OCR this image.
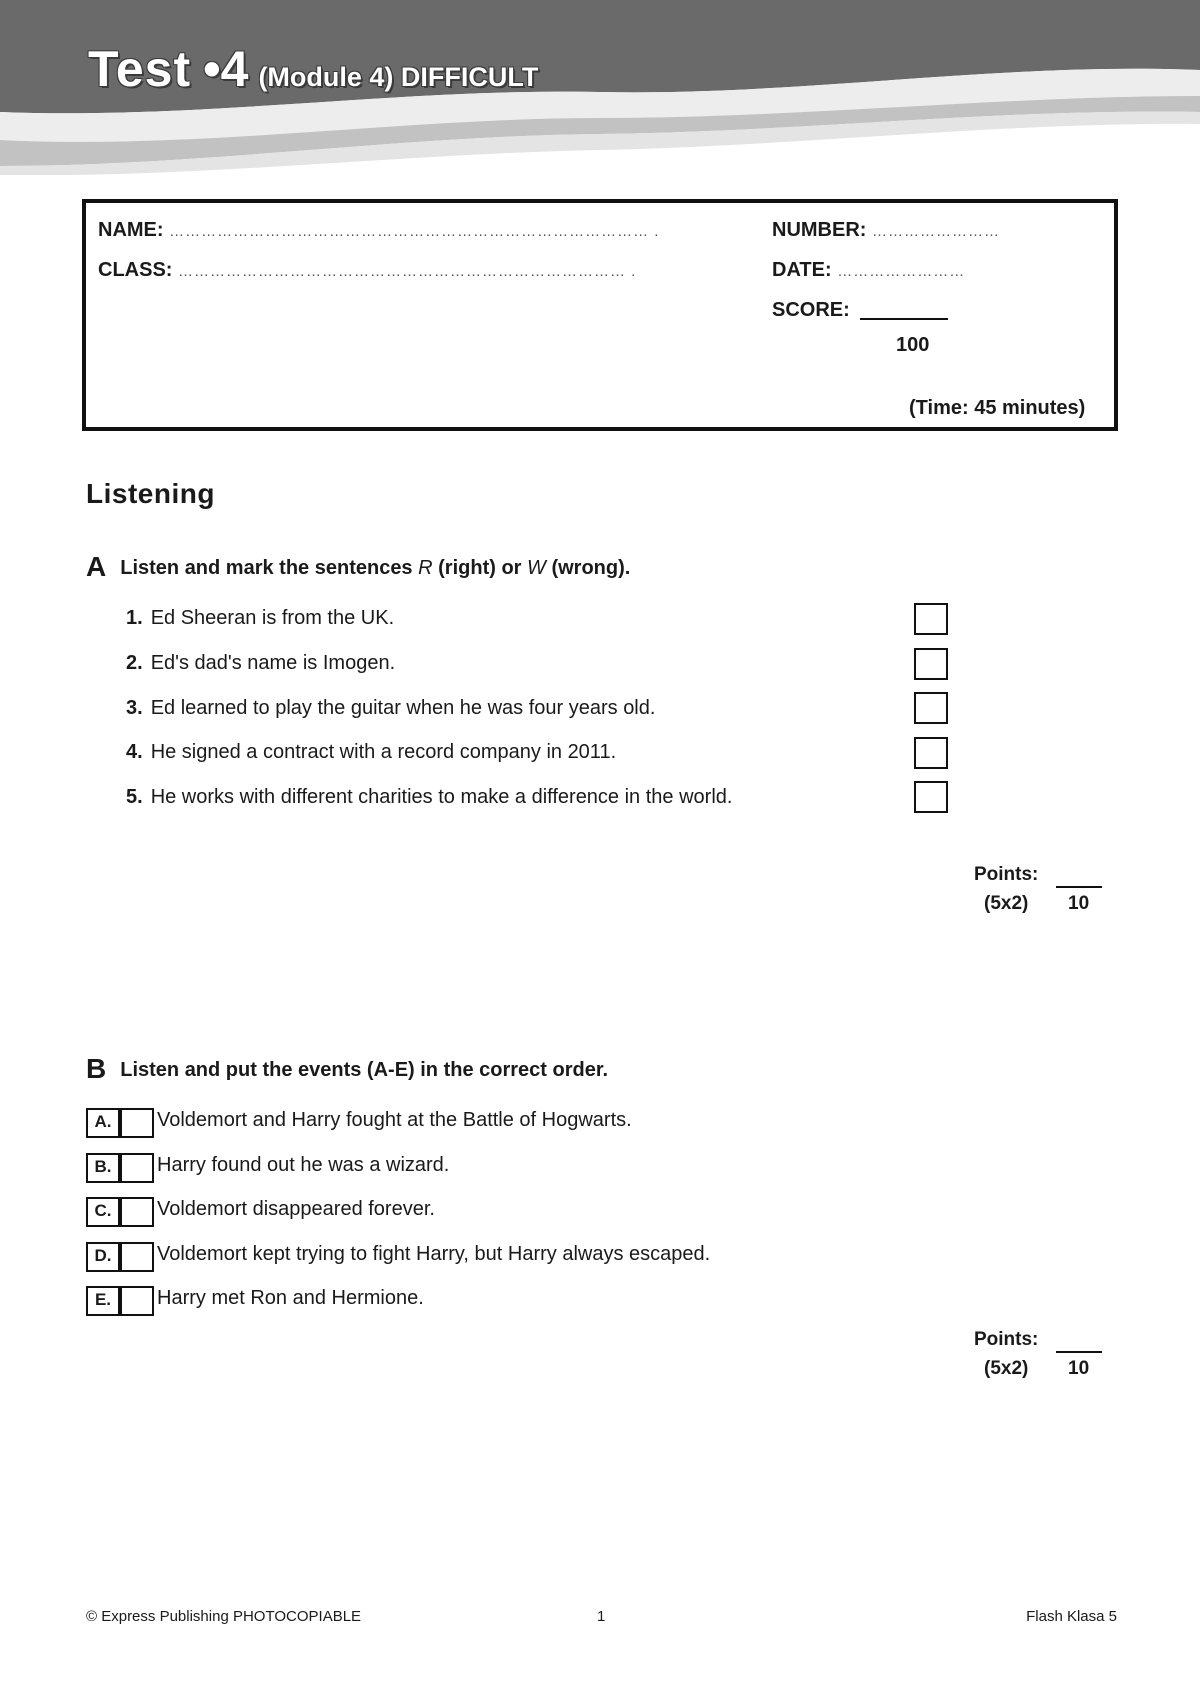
Test •4 (Module 4) DIFFICULT
NAME: ……………………………………………………………………………… .
CLASS: ………………………………………………………………………… .
NUMBER: ……………………
DATE: ……………………
SCORE:
100
(Time: 45 minutes)
Listening
A Listen and mark the sentences R (right) or W (wrong).
1. Ed Sheeran is from the UK.
2. Ed's dad's name is Imogen.
3. Ed learned to play the guitar when he was four years old.
4. He signed a contract with a record company in 2011.
5. He works with different charities to make a difference in the world.
Points:
(5x2) 10
B Listen and put the events (A-E) in the correct order.
A.	Voldemort and Harry fought at the Battle of Hogwarts.
B.	Harry found out he was a wizard.
C.	Voldemort disappeared forever.
D.	Voldemort kept trying to fight Harry, but Harry always escaped.
E.	Harry met Ron and Hermione.
Points:
(5x2) 10
© Express Publishing PHOTOCOPIABLE	1	Flash Klasa 5
